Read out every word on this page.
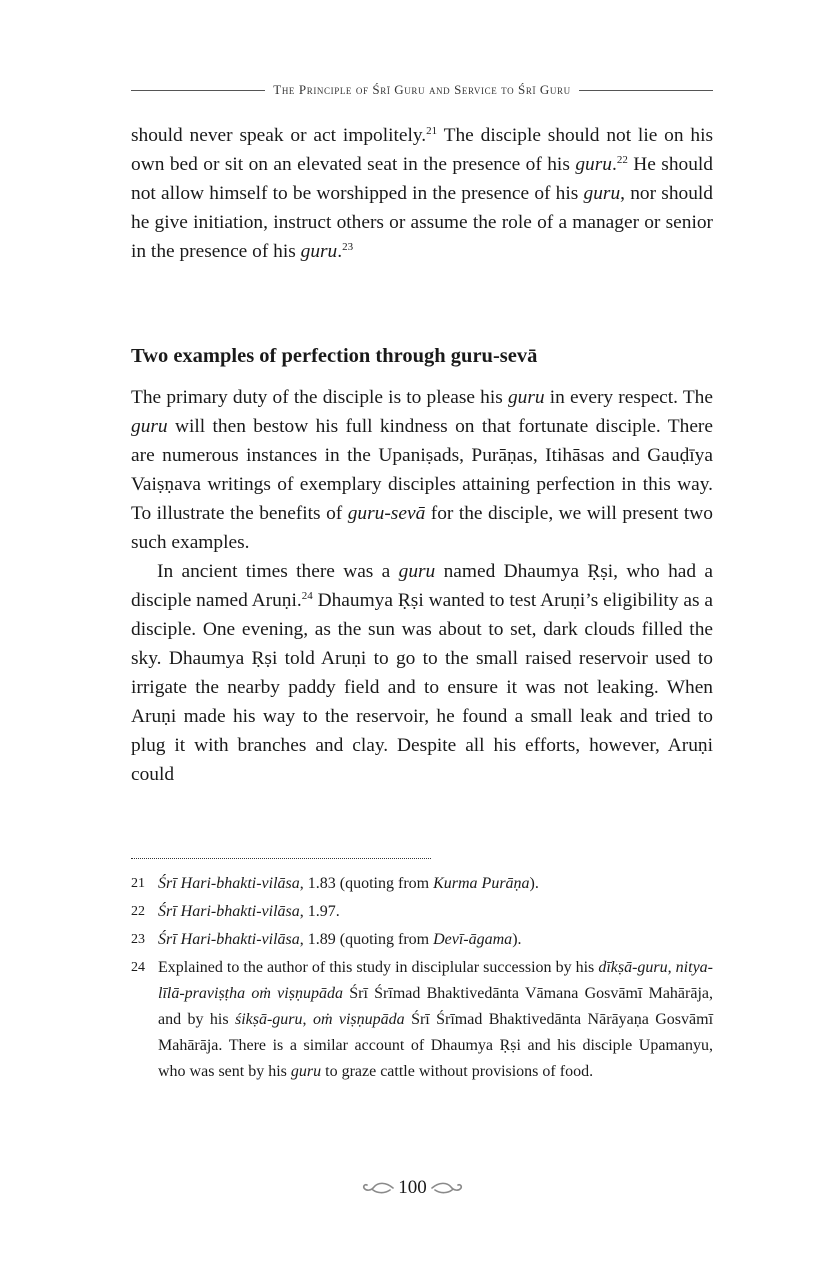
The Principle of Śrī Guru and Service to Śrī Guru

should never speak or act impolitely.$^{21}$ The disciple should not lie on his own bed or sit on an elevated seat in the presence of his guru.$^{22}$ He should not allow himself to be worshipped in the presence of his guru, nor should he give initiation, instruct others or assume the role of a manager or senior in the presence of his guru.$^{23}$

Two examples of perfection through guru-sevā

The primary duty of the disciple is to please his guru in every respect. The guru will then bestow his full kindness on that fortunate disciple. There are numerous instances in the Upaniṣads, Purāṇas, Itihāsas and Gauḍīya Vaiṣṇava writings of exemplary disciples attaining perfection in this way. To illustrate the benefits of guru-sevā for the disciple, we will present two such examples.

In ancient times there was a guru named Dhaumya Ṛṣi, who had a disciple named Aruṇi.$^{24}$ Dhaumya Ṛṣi wanted to test Aruṇi’s eligibility as a disciple. One evening, as the sun was about to set, dark clouds filled the sky. Dhaumya Ṛṣi told Aruṇi to go to the small raised reservoir used to irrigate the nearby paddy field and to ensure it was not leaking. When Aruṇi made his way to the reservoir, he found a small leak and tried to plug it with branches and clay. Despite all his efforts, however, Aruṇi could

21 Śrī Hari-bhakti-vilāsa, 1.83 (quoting from Kurma Purāṇa).
22 Śrī Hari-bhakti-vilāsa, 1.97.
23 Śrī Hari-bhakti-vilāsa, 1.89 (quoting from Devī-āgama).
24 Explained to the author of this study in disciplular succession by his dīkṣā-guru, nitya-līlā-praviṣṭha oṁ viṣṇupāda Śrī Śrīmad Bhaktivedānta Vāmana Gosvāmī Mahārāja, and by his śikṣā-guru, oṁ viṣṇupāda Śrī Śrīmad Bhaktivedānta Nārāyaṇa Gosvāmī Mahārāja. There is a similar account of Dhaumya Ṛṣi and his disciple Upamanyu, who was sent by his guru to graze cattle without provisions of food.
100
